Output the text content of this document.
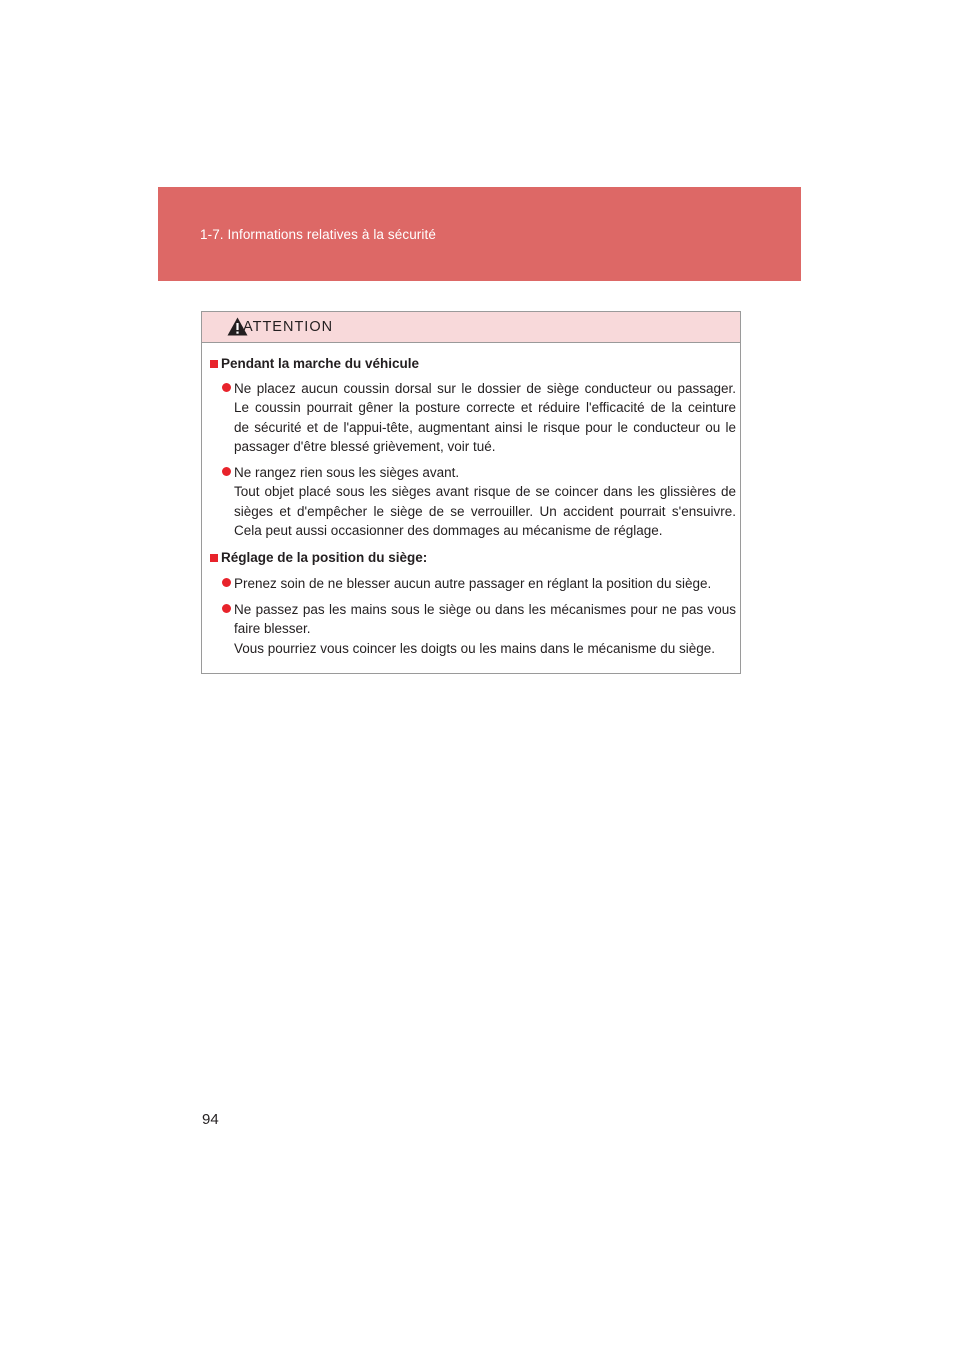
1-7. Informations relatives à la sécurité
ATTENTION
Pendant la marche du véhicule
Ne placez aucun coussin dorsal sur le dossier de siège conducteur ou passager.
Le coussin pourrait gêner la posture correcte et réduire l'efficacité de la ceinture
de sécurité et de l'appui-tête, augmentant ainsi le risque pour le conducteur ou le
passager d'être blessé grièvement, voir tué.
Ne rangez rien sous les sièges avant.
Tout objet placé sous les sièges avant risque de se coincer dans les glissières de
sièges et d'empêcher le siège de se verrouiller. Un accident pourrait s'ensuivre.
Cela peut aussi occasionner des dommages au mécanisme de réglage.
Réglage de la position du siège:
Prenez soin de ne blesser aucun autre passager en réglant la position du siège.
Ne passez pas les mains sous le siège ou dans les mécanismes pour ne pas vous
faire blesser.
Vous pourriez vous coincer les doigts ou les mains dans le mécanisme du siège.
94
